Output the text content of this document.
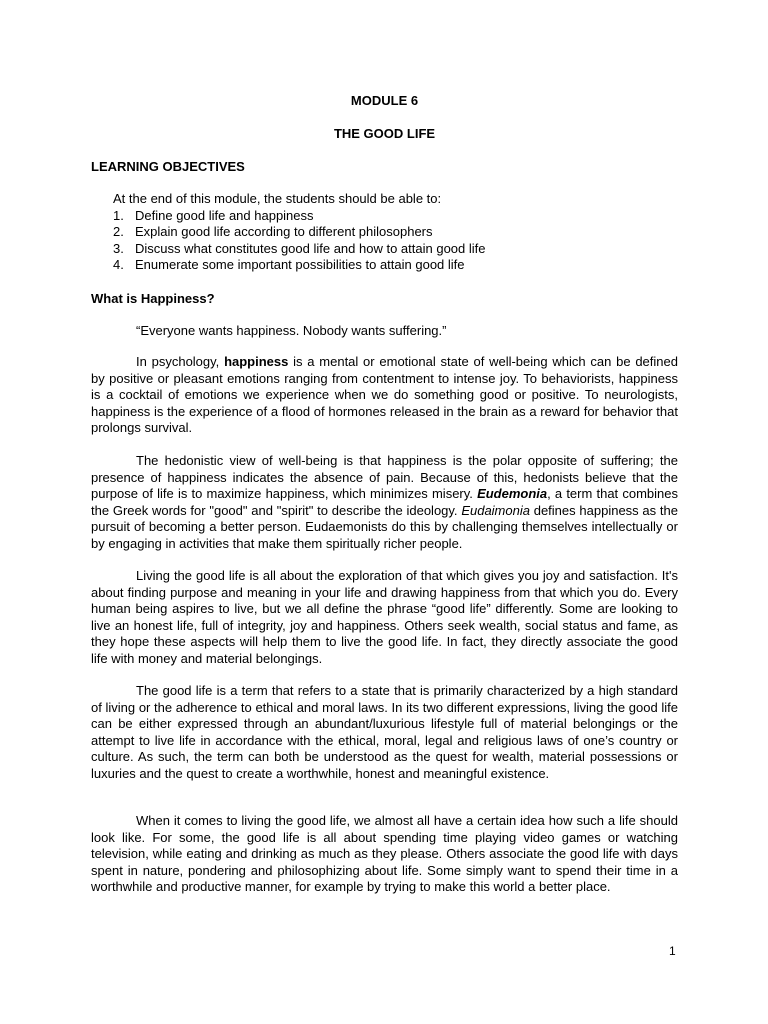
MODULE 6
THE GOOD LIFE
LEARNING OBJECTIVES

At the end of this module, the students should be able to:

1. Define good life and happiness
2. Explain good life according to different philosophers
3. Discuss what constitutes good life and how to attain good life
4. Enumerate some important possibilities to attain good life
What is Happiness?
“Everyone wants happiness. Nobody wants suffering.”

In psychology, happiness is a mental or emotional state of well-being which can be defined by positive or pleasant emotions ranging from contentment to intense joy. To behaviorists, happiness is a cocktail of emotions we experience when we do something good or positive. To neurologists, happiness is the experience of a flood of hormones released in the brain as a reward for behavior that prolongs survival.

The hedonistic view of well-being is that happiness is the polar opposite of suffering; the presence of happiness indicates the absence of pain. Because of this, hedonists believe that the purpose of life is to maximize happiness, which minimizes misery. Eudemonia, a term that combines the Greek words for "good" and "spirit" to describe the ideology. Eudaimonia defines happiness as the pursuit of becoming a better person. Eudaemonists do this by challenging themselves intellectually or by engaging in activities that make them spiritually richer people.

Living the good life is all about the exploration of that which gives you joy and satisfaction. It's about finding purpose and meaning in your life and drawing happiness from that which you do. Every human being aspires to live, but we all define the phrase “good life” differently. Some are looking to live an honest life, full of integrity, joy and happiness. Others seek wealth, social status and fame, as they hope these aspects will help them to live the good life. In fact, they directly associate the good life with money and material belongings.

The good life is a term that refers to a state that is primarily characterized by a high standard of living or the adherence to ethical and moral laws. In its two different expressions, living the good life can be either expressed through an abundant/luxurious lifestyle full of material belongings or the attempt to live life in accordance with the ethical, moral, legal and religious laws of one’s country or culture. As such, the term can both be understood as the quest for wealth, material possessions or luxuries and the quest to create a worthwhile, honest and meaningful existence.

When it comes to living the good life, we almost all have a certain idea how such a life should look like. For some, the good life is all about spending time playing video games or watching television, while eating and drinking as much as they please. Others associate the good life with days spent in nature, pondering and philosophizing about life. Some simply want to spend their time in a worthwhile and productive manner, for example by trying to make this world a better place.

1
